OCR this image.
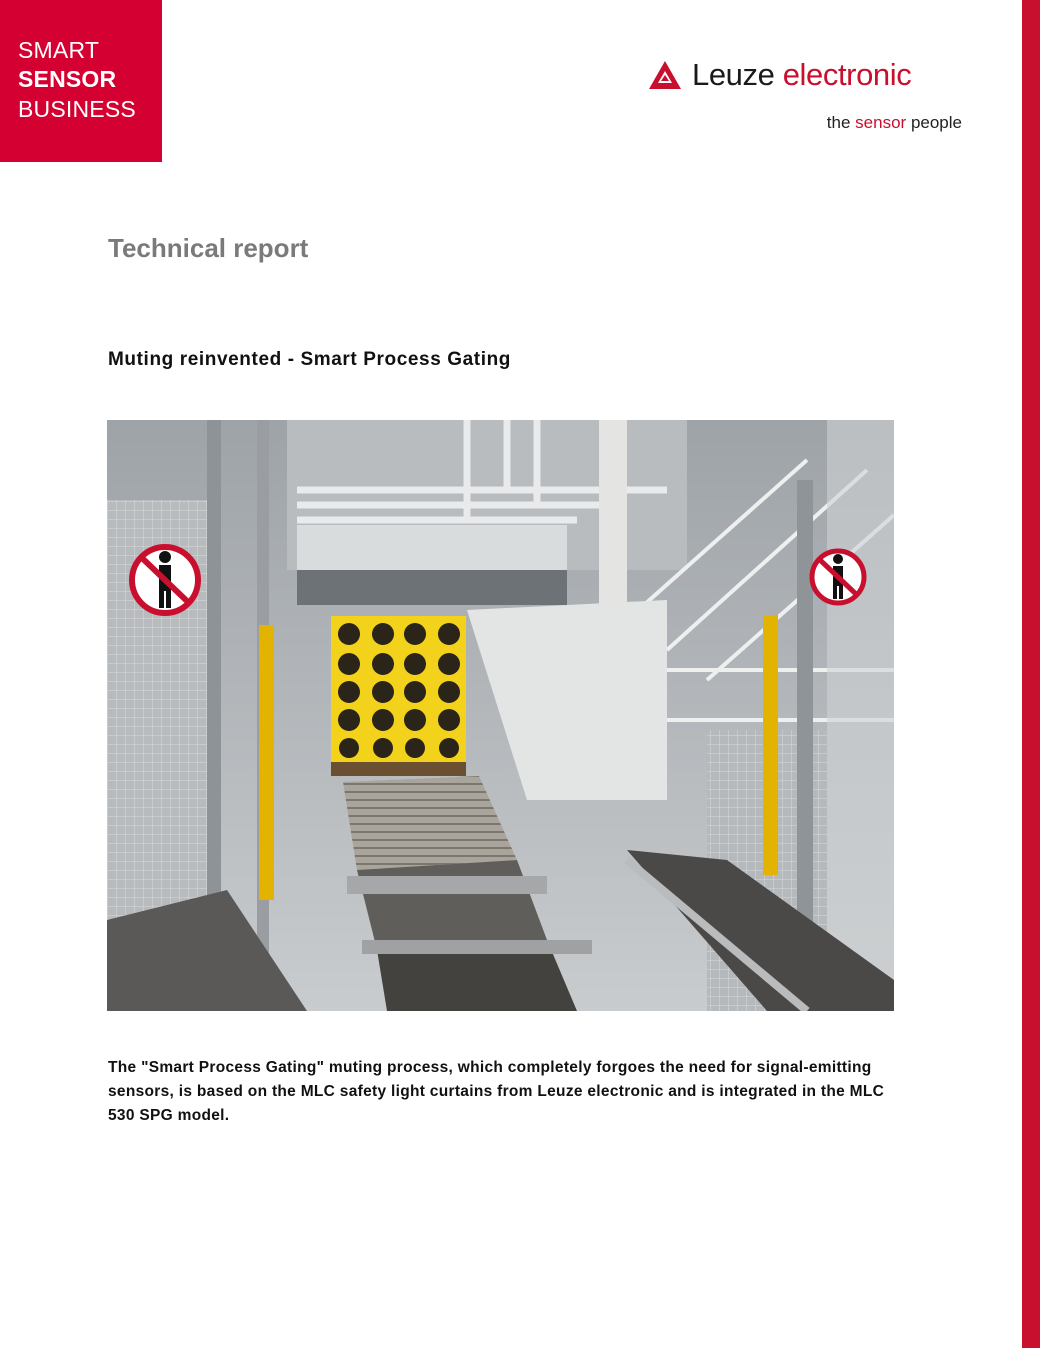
SMART
SENSOR
BUSINESS
Leuze electronic
the sensor people
Technical report
Muting reinvented - Smart Process Gating
The "Smart Process Gating" muting process, which completely forgoes the need for signal-emitting sensors, is based on the MLC safety light curtains from Leuze electronic and is integrated in the MLC 530 SPG model.
